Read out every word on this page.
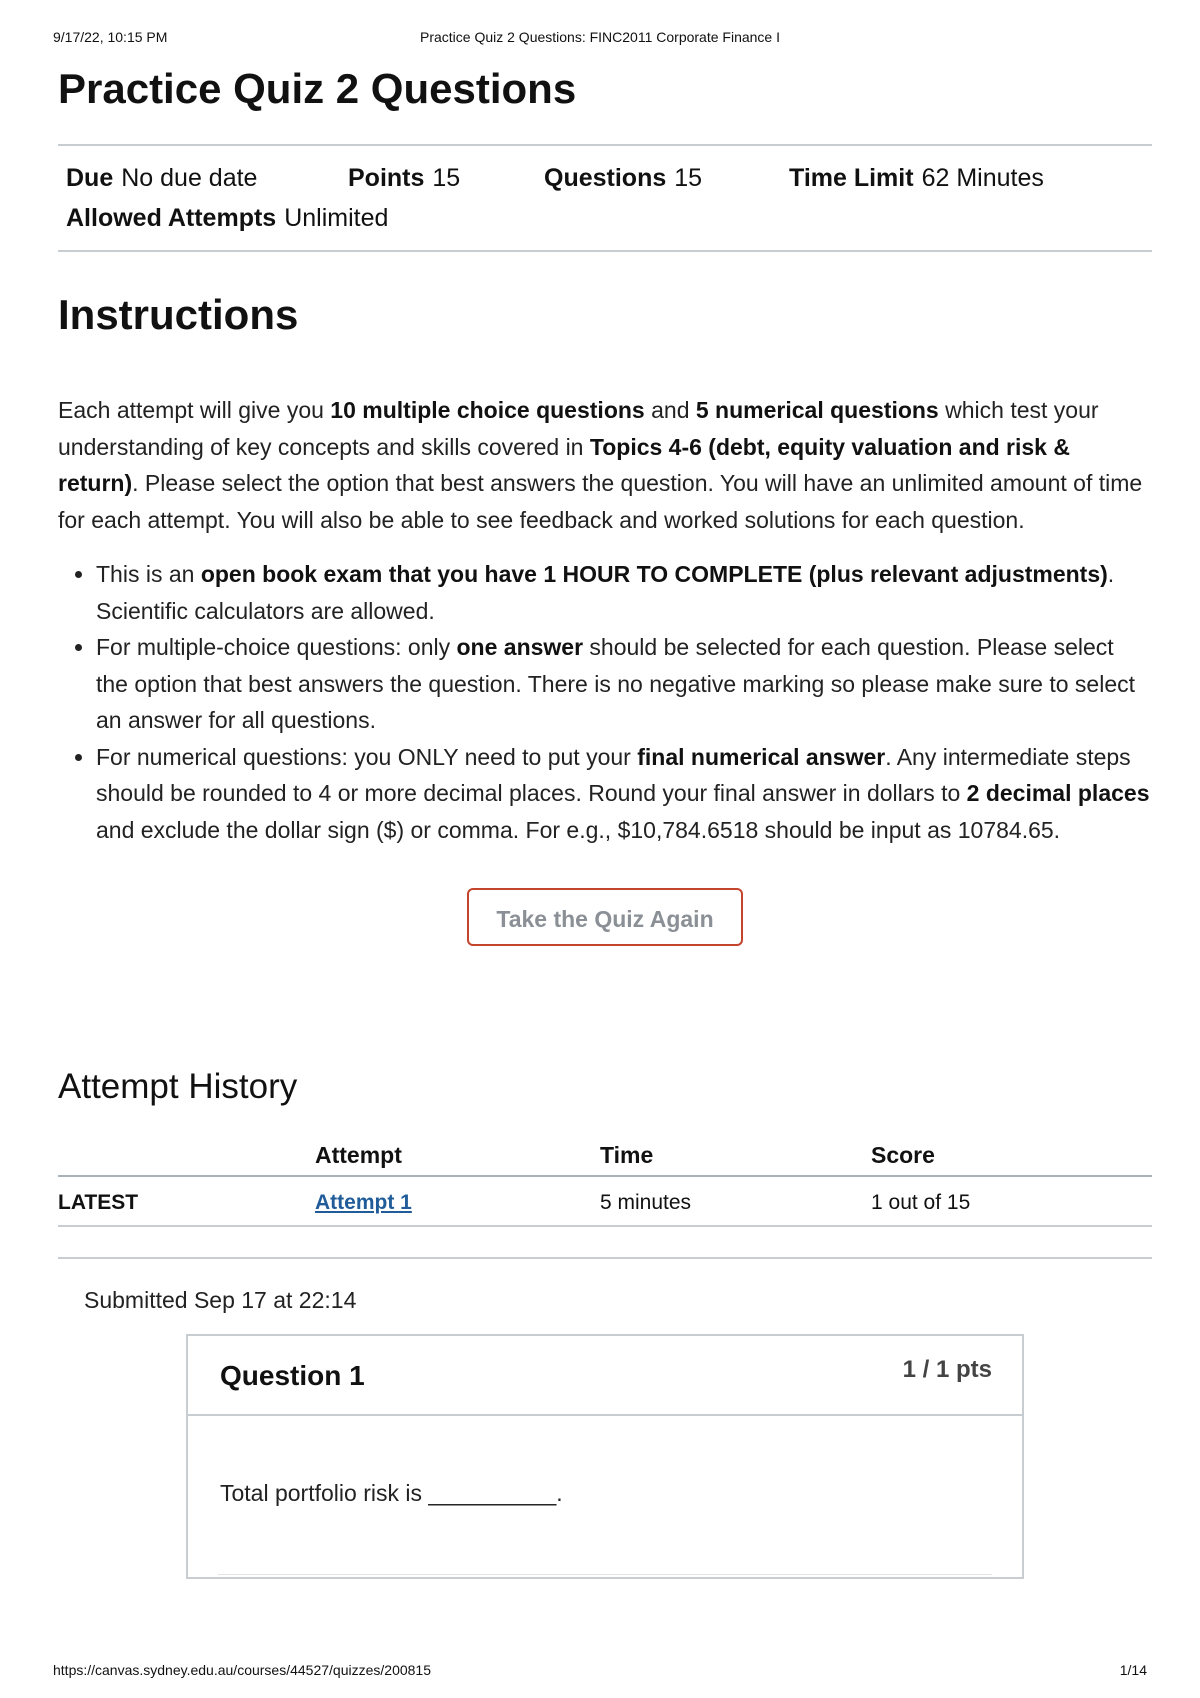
9/17/22, 10:15 PM	Practice Quiz 2 Questions: FINC2011 Corporate Finance I
Practice Quiz 2 Questions
Due No due date	Points 15	Questions 15	Time Limit 62 Minutes
Allowed Attempts Unlimited
Instructions

Each attempt will give you 10 multiple choice questions and 5 numerical questions which test your understanding of key concepts and skills covered in Topics 4-6 (debt, equity valuation and risk & return). Please select the option that best answers the question. You will have an unlimited amount of time for each attempt. You will also be able to see feedback and worked solutions for each question.

• This is an open book exam that you have 1 HOUR TO COMPLETE (plus relevant adjustments). Scientific calculators are allowed.
• For multiple-choice questions: only one answer should be selected for each question. Please select the option that best answers the question. There is no negative marking so please make sure to select an answer for all questions.
• For numerical questions: you ONLY need to put your final numerical answer. Any intermediate steps should be rounded to 4 or more decimal places. Round your final answer in dollars to 2 decimal places and exclude the dollar sign ($) or comma. For e.g., $10,784.6518 should be input as 10784.65.
Take the Quiz Again
Attempt History
	Attempt	Time	Score
LATEST	Attempt 1	5 minutes	1 out of 15
Submitted Sep 17 at 22:14
Question 1	1 / 1 pts
Total portfolio risk is __________.
https://canvas.sydney.edu.au/courses/44527/quizzes/200815	1/14
